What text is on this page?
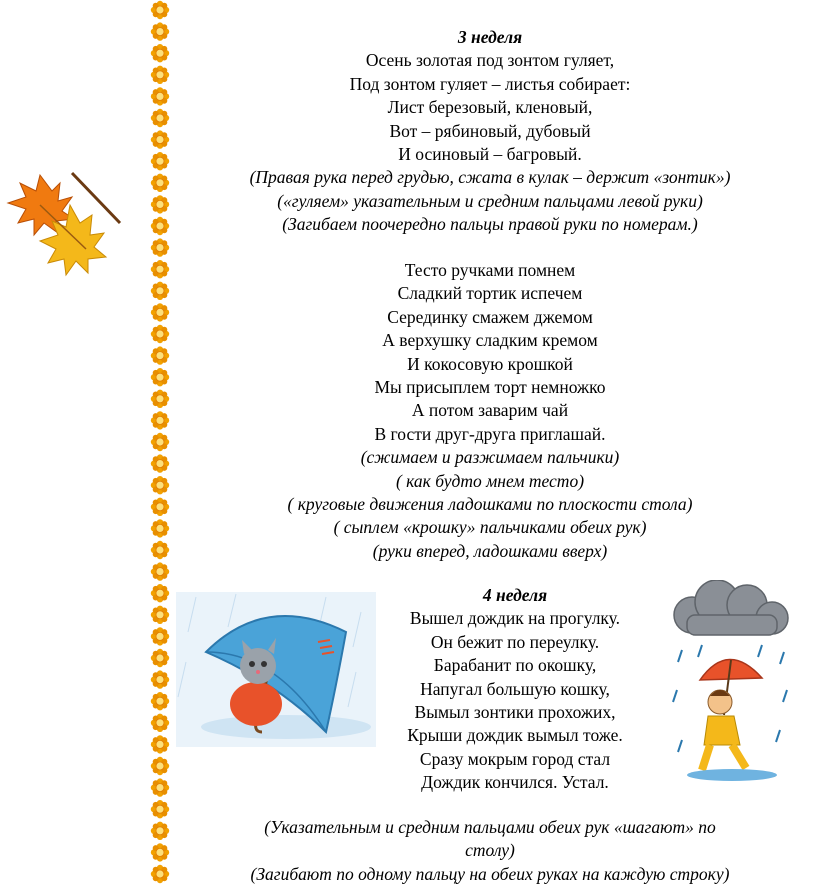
3 неделя
Осень золотая под зонтом гуляет,
Под зонтом гуляет – листья собирает:
Лист березовый, кленовый,
Вот – рябиновый, дубовый
И осиновый – багровый.
(Правая рука перед грудью, сжата в кулак – держит «зонтик»)
(«гуляем» указательным и средним пальцами левой руки)
(Загибаем поочередно пальцы правой руки по номерам.)
Тесто ручками помнем
Сладкий тортик испечем
Серединку смажем джемом
А верхушку сладким кремом
И кокосовую крошкой
Мы присыплем торт немножко
А потом заварим чай
В гости друг-друга приглашай.
(сжимаем и разжимаем пальчики)
( как будто мнем тесто)
( круговые движения ладошками по плоскости стола)
( сыплем «крошку» пальчиками обеих рук)
(руки вперед, ладошками вверх)
4 неделя
Вышел дождик на прогулку.
Он бежит по переулку.
Барабанит по окошку,
Напугал большую кошку,
Вымыл зонтики прохожих,
Крыши дождик вымыл тоже.
Сразу мокрым город стал
Дождик кончился. Устал.
(Указательным и средним пальцами обеих рук «шагают» по
столу)
(Загибают по одному пальцу на обеих руках на каждую строку)
